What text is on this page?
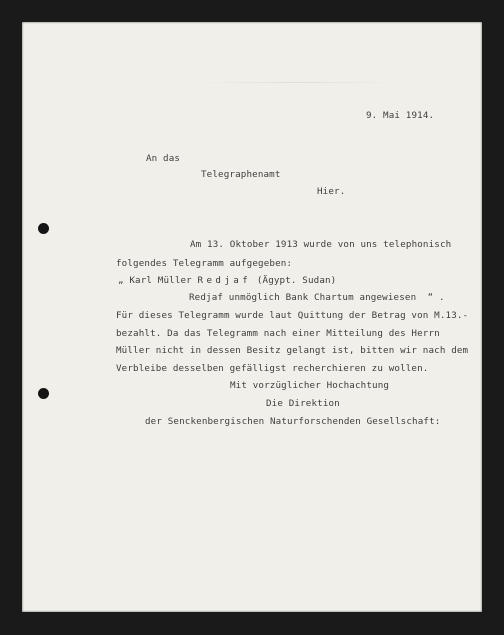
9. Mai 1914.
An das
Telegraphenamt
Hier.
Am 13. Oktober 1913 wurde von uns telephonisch
folgendes Telegramm aufgegeben:
„ Karl Müller Redjaf (Ägypt. Sudan)
Redjaf unmöglich Bank Chartum angewiesen  “ .
Für dieses Telegramm wurde laut Quittung der Betrag von M.13.-
bezahlt. Da das Telegramm nach einer Mitteilung des Herrn
Müller nicht in dessen Besitz gelangt ist, bitten wir nach dem
Verbleibe desselben gefälligst recherchieren zu wollen.
Mit vorzüglicher Hochachtung
Die Direktion
der Senckenbergischen Naturforschenden Gesellschaft:
